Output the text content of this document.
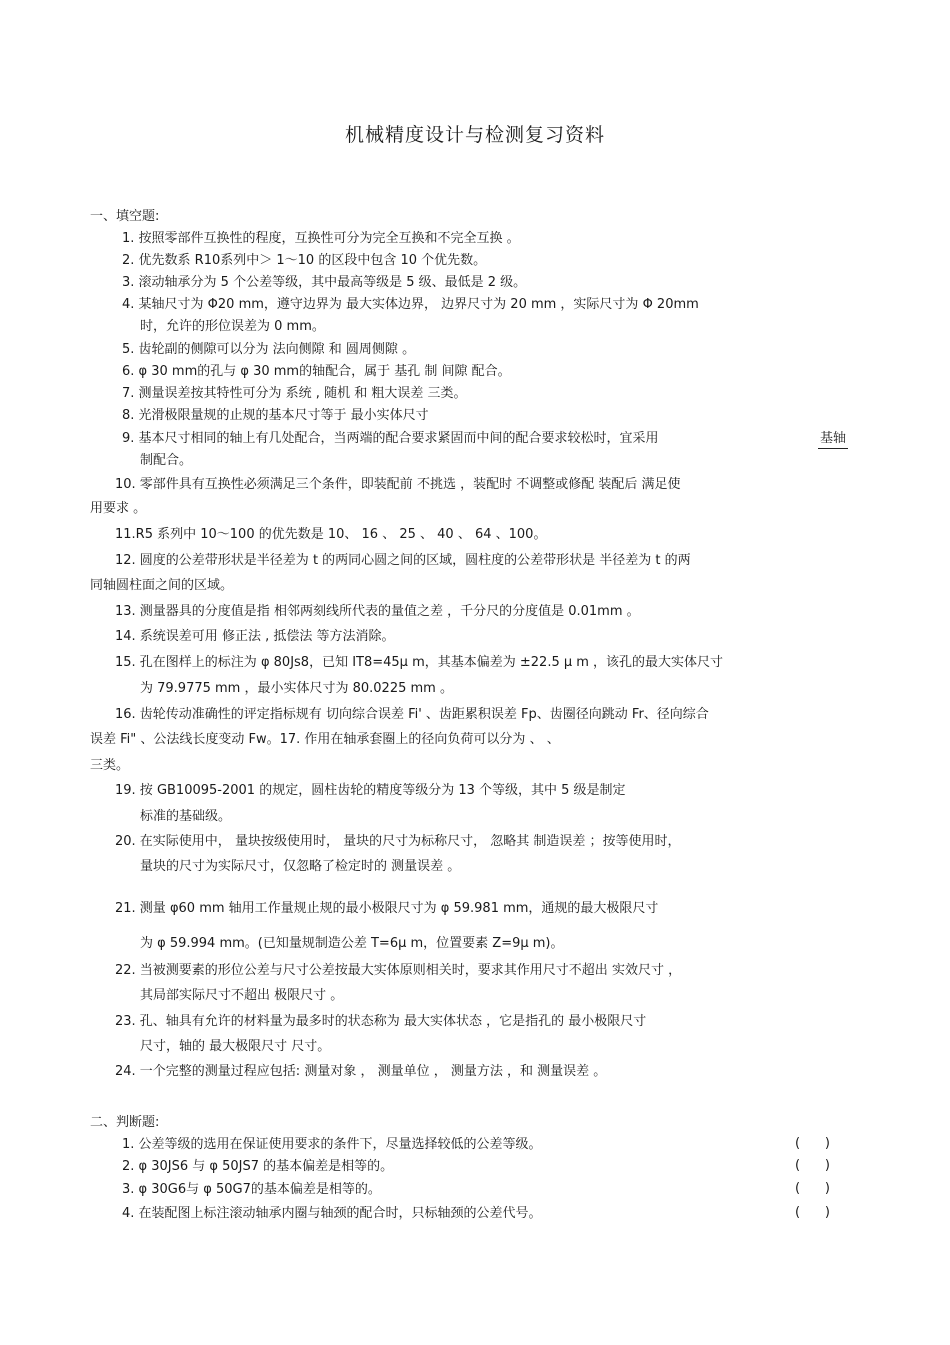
机械精度设计与检测复习资料
一、填空题:
1. 按照零部件互换性的程度，互换性可分为完全互换和不完全互换 。
2. 优先数系 R10系列中＞ 1～10 的区段中包含 10 个优先数。
3. 滚动轴承分为 5 个公差等级，其中最高等级是 5 级、最低是 2 级。
4. 某轴尺寸为 Φ20 mm，遵守边界为 最大实体边界， 边界尺寸为 20 mm ，实际尺寸为 Φ 20mm
时，允许的形位误差为 0 mm。
5. 齿轮副的侧隙可以分为 法向侧隙 和 圆周侧隙 。
6. φ 30 mm的孔与 φ 30 mm的轴配合，属于 基孔 制 间隙 配合。
7. 测量误差按其特性可分为 系统 , 随机 和 粗大误差 三类。
8. 光滑极限量规的止规的基本尺寸等于 最小实体尺寸
9. 基本尺寸相同的轴上有几处配合，当两端的配合要求紧固而中间的配合要求较松时，宜采用	基轴
制配合。
10. 零部件具有互换性必须满足三个条件，即装配前 不挑选 ，装配时 不调整或修配 装配后 满足使
用要求 。
11.R5 系列中 10～100 的优先数是 10、 16 、 25 、 40 、 64 、100。
12. 圆度的公差带形状是半径差为 t 的两同心圆之间的区域，圆柱度的公差带形状是 半径差为 t 的两
同轴圆柱面之间的区域。
13. 测量器具的分度值是指 相邻两刻线所代表的量值之差 ，千分尺的分度值是 0.01mm 。
14. 系统误差可用 修正法 , 抵偿法 等方法消除。
15. 孔在图样上的标注为 φ 80Js8，已知 IT8=45μ m，其基本偏差为 ±22.5 μ m ，该孔的最大实体尺寸
为 79.9775 mm ，最小实体尺寸为 80.0225 mm 。
16. 齿轮传动准确性的评定指标规有 切向综合误差 Fi' 、齿距累积误差 Fp、齿圈径向跳动 Fr、径向综合
误差 Fi" 、公法线长度变动 Fw。17. 作用在轴承套圈上的径向负荷可以分为 、 、
三类。
19. 按 GB10095-2001 的规定，圆柱齿轮的精度等级分为 13 个等级，其中 5 级是制定
标准的基础级。
20. 在实际使用中， 量块按级使用时， 量块的尺寸为标称尺寸， 忽略其 制造误差 ；按等使用时，
量块的尺寸为实际尺寸，仅忽略了检定时的 测量误差 。
21. 测量 φ60 mm 轴用工作量规止规的最小极限尺寸为 φ 59.981 mm，通规的最大极限尺寸
为 φ 59.994 mm。(已知量规制造公差 T=6μ m，位置要素 Z=9μ m)。
22. 当被测要素的形位公差与尺寸公差按最大实体原则相关时，要求其作用尺寸不超出 实效尺寸 ，
其局部实际尺寸不超出 极限尺寸 。
23. 孔、轴具有允许的材料量为最多时的状态称为 最大实体状态 ，它是指孔的 最小极限尺寸
尺寸，轴的 最大极限尺寸 尺寸。
24. 一个完整的测量过程应包括: 测量对象 ， 测量单位 ， 测量方法 ，和 测量误差 。
二、判断题:
1. 公差等级的选用在保证使用要求的条件下，尽量选择较低的公差等级。	(      )
2. φ 30JS6 与 φ 50JS7 的基本偏差是相等的。	(      )
3. φ 30G6与 φ 50G7的基本偏差是相等的。	(      )
4. 在装配图上标注滚动轴承内圈与轴颈的配合时，只标轴颈的公差代号。	(      )
